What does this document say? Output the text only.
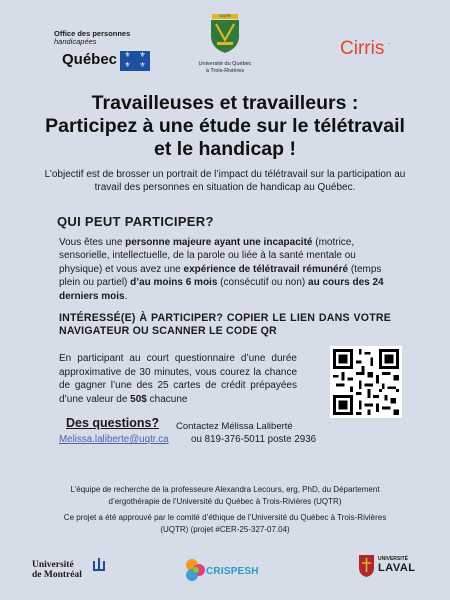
Office des personnes
handicapées
Québec	⚜	⚜
⚜	⚜
UQTR
Université du Québec
à Trois-Rivières
Cirris ·
Travailleuses et travailleurs :
Participez à une étude sur le télétravail
et le handicap !
L’objectif est de brosser un portrait de l’impact du télétravail sur la participation au travail des personnes en situation de handicap au Québec.
QUI PEUT PARTICIPER?
Vous êtes une personne majeure ayant une incapacité (motrice, sensorielle, intellectuelle, de la parole ou liée à la santé mentale ou physique) et vous avez une expérience de télétravail rémunéré (temps plein ou partiel) d’au moins 6 mois (consécutif ou non) au cours des 24 derniers mois.
INTÉRESSÉ(E) À PARTICIPER? COPIER LE LIEN DANS VOTRE NAVIGATEUR OU SCANNER LE CODE QR
En participant au court questionnaire d’une durée approximative de 30 minutes, vous courez la chance de gagner l’une des 25 cartes de crédit prépayées d’une valeur de 50$ chacune
Des questions? Contactez Mélissa Laliberté
Melissa.laliberte@uqtr.ca ou 819-376-5011 poste 2936
L’équipe de recherche de la professeure Alexandra Lecours, erg, PhD, du Département d’ergothérapie de l’Université du Québec à Trois-Rivières (UQTR)
Ce projet a été approuvé par le comité d’éthique de l’Université du Québec à Trois-Rivières (UQTR) (projet #CER-25-327-07.04)
Université
de Montréal	CRISPESH
UNIVERSITÉ
LAVAL
